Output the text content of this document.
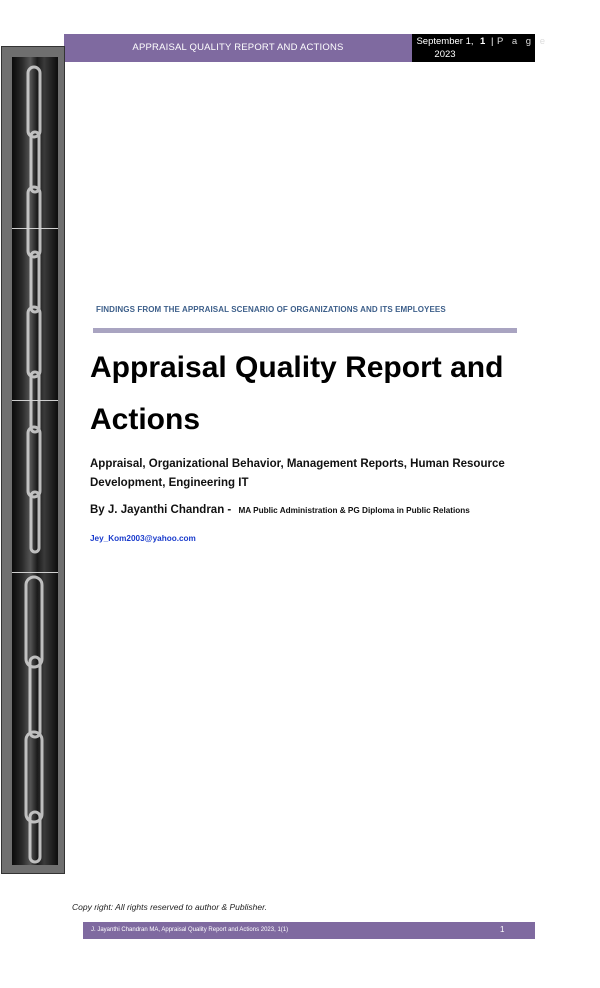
APPRAISAL QUALITY REPORT AND ACTIONS
September 1, 2023
1 | P a g e
FINDINGS FROM THE APPRAISAL SCENARIO OF ORGANIZATIONS AND ITS EMPLOYEES
Appraisal Quality Report and Actions
Appraisal, Organizational Behavior, Management Reports, Human Resource Development, Engineering IT
By J. Jayanthi Chandran - MA Public Administration & PG Diploma in Public Relations
Jey_Kom2003@yahoo.com
Copy right: All rights reserved to author & Publisher.
J. Jayanthi Chandran MA, Appraisal Quality Report and Actions 2023, 1(1)	1
